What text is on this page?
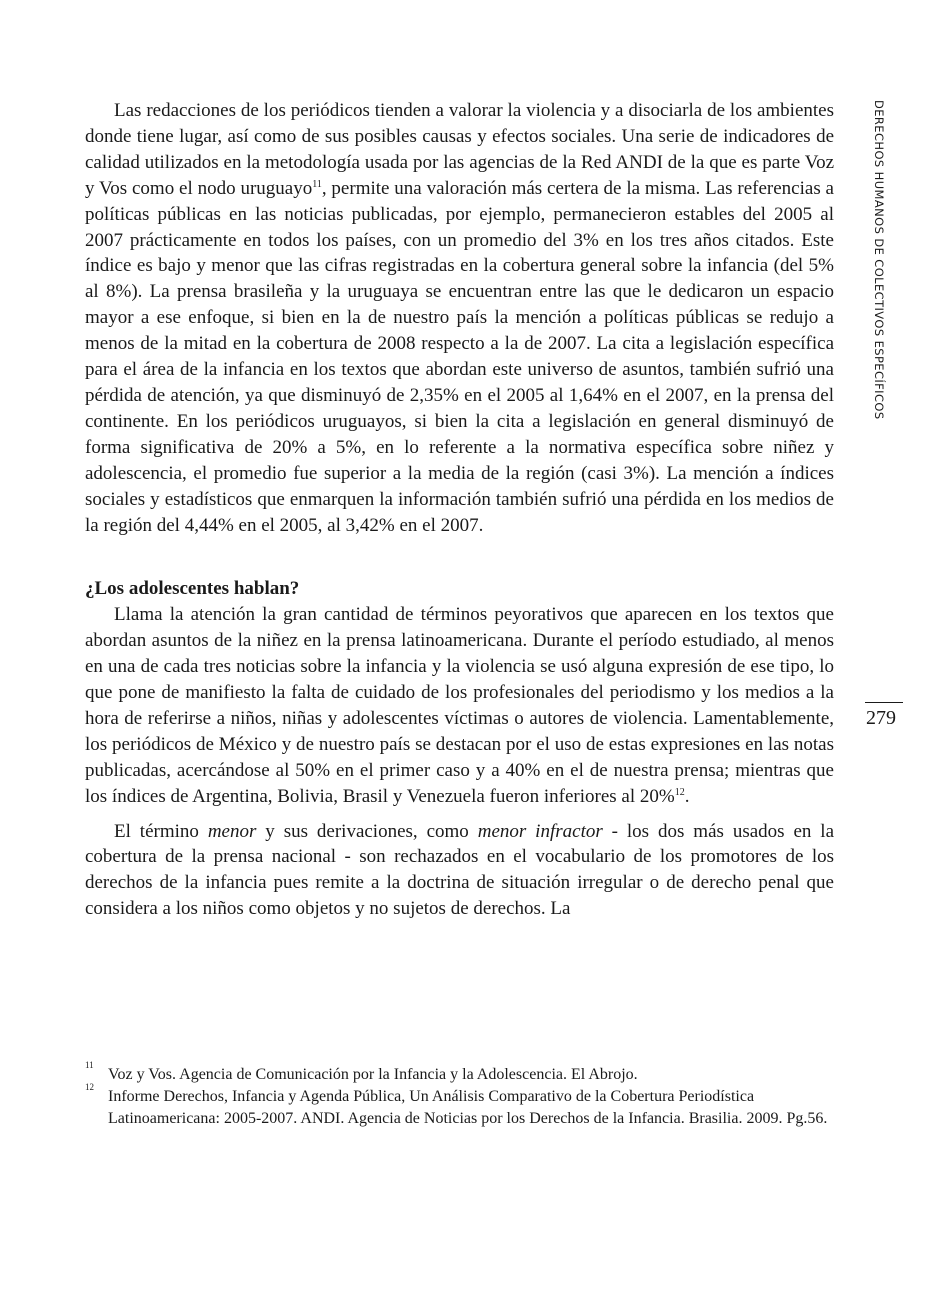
DERECHOS HUMANOS DE COLECTIVOS ESPECÍFICOS
279

Las redacciones de los periódicos tienden a valorar la violencia y a disociarla de los ambientes donde tiene lugar, así como de sus posibles causas y efectos sociales. Una serie de indicadores de calidad utilizados en la metodología usada por las agencias de la Red ANDI de la que es parte Voz y Vos como el nodo uruguayo$^{11}$, permite una valoración más certera de la misma. Las referencias a políticas públicas en las noticias publicadas, por ejemplo, permanecieron estables del 2005 al 2007 prácticamente en todos los países, con un promedio del 3% en los tres años citados. Este índice es bajo y menor que las cifras registradas en la cobertura general sobre la infancia (del 5% al 8%). La prensa brasileña y la uruguaya se encuentran entre las que le dedicaron un espacio mayor a ese enfoque, si bien en la de nuestro país la mención a políticas públicas se redujo a menos de la mitad en la cobertura de 2008 respecto a la de 2007. La cita a legislación específica para el área de la infancia en los textos que abordan este universo de asuntos, también sufrió una pérdida de atención, ya que disminuyó de 2,35% en el 2005 al 1,64% en el 2007, en la prensa del continente. En los periódicos uruguayos, si bien la cita a legislación en general disminuyó de forma significativa de 20% a 5%, en lo referente a la normativa específica sobre niñez y adolescencia, el promedio fue superior a la media de la región (casi 3%). La mención a índices sociales y estadísticos que enmarquen la información también sufrió una pérdida en los medios de la región del 4,44% en el 2005, al 3,42% en el 2007.

¿Los adolescentes hablan?

Llama la atención la gran cantidad de términos peyorativos que aparecen en los textos que abordan asuntos de la niñez en la prensa latinoamericana. Durante el período estudiado, al menos en una de cada tres noticias sobre la infancia y la violencia se usó alguna expresión de ese tipo, lo que pone de manifiesto la falta de cuidado de los profesionales del periodismo y los medios a la hora de referirse a niños, niñas y adolescentes víctimas o autores de violencia. Lamentablemente, los periódicos de México y de nuestro país se destacan por el uso de estas expresiones en las notas publicadas, acercándose al 50% en el primer caso y a 40% en el de nuestra prensa; mientras que los índices de Argentina, Bolivia, Brasil y Venezuela fueron inferiores al 20%$^{12}$.

El término menor y sus derivaciones, como menor infractor - los dos más usados en la cobertura de la prensa nacional - son rechazados en el vocabulario de los promotores de los derechos de la infancia pues remite a la doctrina de situación irregular o de derecho penal que considera a los niños como objetos y no sujetos de derechos. La

11
Voz y Vos. Agencia de Comunicación por la Infancia y la Adolescencia. El Abrojo.
12
Informe Derechos, Infancia y Agenda Pública, Un Análisis Comparativo de la Cobertura Periodística Latinoamericana: 2005-2007. ANDI. Agencia de Noticias por los Derechos de la Infancia. Brasilia. 2009. Pg.56.
